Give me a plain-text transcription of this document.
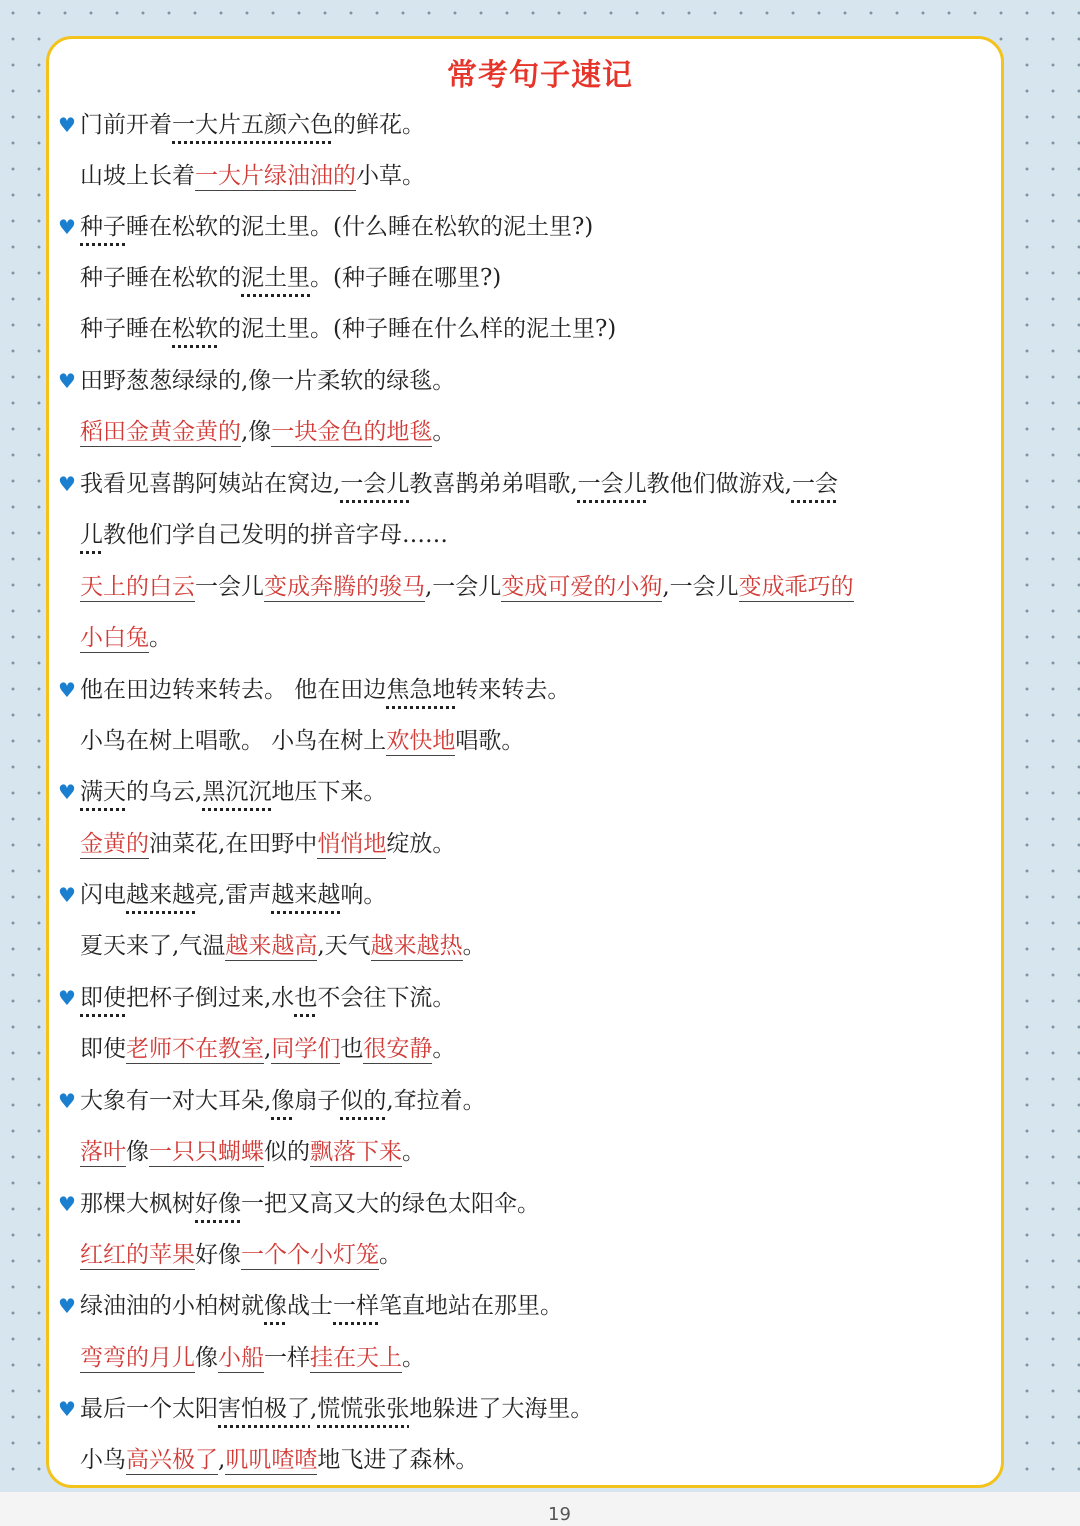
19
常考句子速记
♥ 门前开着一大片五颜六色的鲜花。
山坡上长着一大片绿油油的小草。
♥ 种子睡在松软的泥土里。(什么睡在松软的泥土里?)
种子睡在松软的泥土里。(种子睡在哪里?)
种子睡在松软的泥土里。(种子睡在什么样的泥土里?)
♥ 田野葱葱绿绿的,像一片柔软的绿毯。
稻田金黄金黄的,像一块金色的地毯。
♥ 我看见喜鹊阿姨站在窝边,一会儿教喜鹊弟弟唱歌,一会儿教他们做游戏,一会
儿教他们学自己发明的拼音字母……
天上的白云一会儿变成奔腾的骏马,一会儿变成可爱的小狗,一会儿变成乖巧的
小白兔。
♥ 他在田边转来转去。 他在田边焦急地转来转去。
小鸟在树上唱歌。 小鸟在树上欢快地唱歌。
♥ 满天的乌云,黑沉沉地压下来。
金黄的油菜花,在田野中悄悄地绽放。
♥ 闪电越来越亮,雷声越来越响。
夏天来了,气温越来越高,天气越来越热。
♥ 即使把杯子倒过来,水也不会往下流。
即使老师不在教室,同学们也很安静。
♥ 大象有一对大耳朵,像扇子似的,耷拉着。
落叶像一只只蝴蝶似的飘落下来。
♥ 那棵大枫树好像一把又高又大的绿色太阳伞。
红红的苹果好像一个个小灯笼。
♥ 绿油油的小柏树就像战士一样笔直地站在那里。
弯弯的月儿像小船一样挂在天上。
♥ 最后一个太阳害怕极了,慌慌张张地躲进了大海里。
小鸟高兴极了,叽叽喳喳地飞进了森林。
